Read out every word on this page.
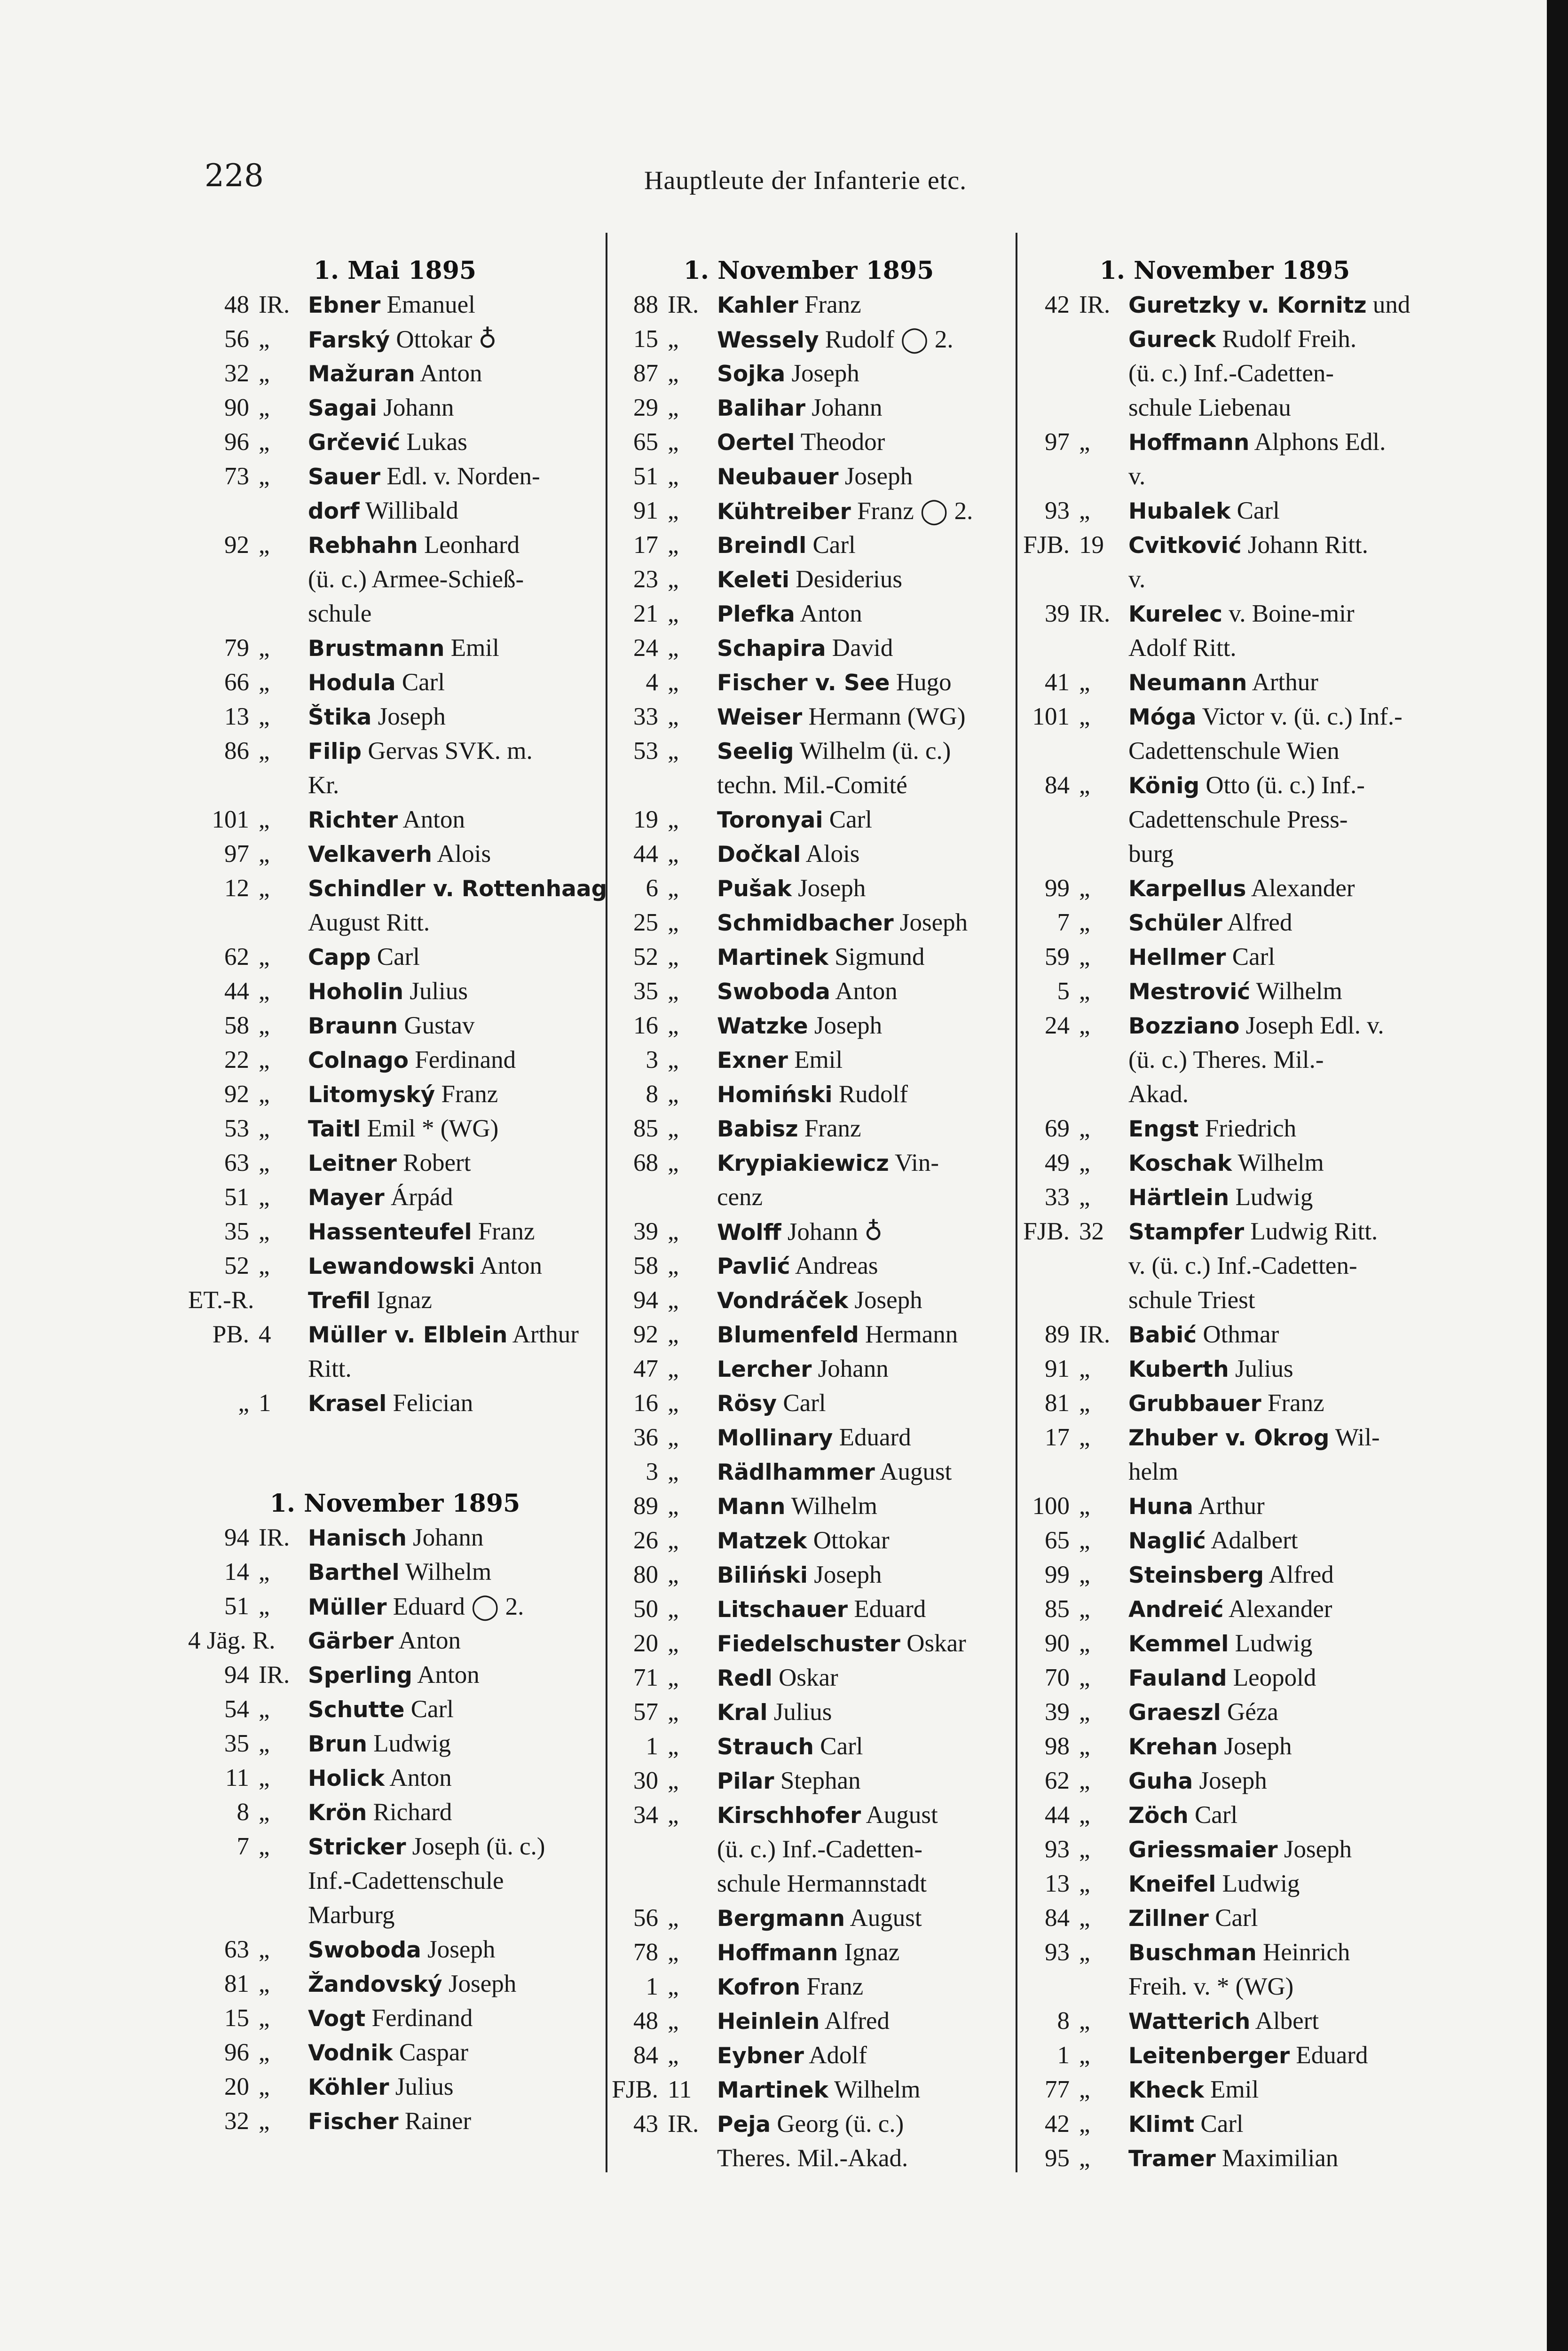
228	Hauptleute der Infanterie etc.
1. Mai 1895
48 IR. Ebner Emanuel
56 „ Farský Ottokar ♁
32 „ Mažuran Anton
90 „ Sagai Johann
96 „ Grčević Lukas
73 „ Sauer Edl. v. Norden-
dorf Willibald
92 „ Rebhahn Leonhard
(ü. c.) Armee-Schieß-
schule
79 „ Brustmann Emil
66 „ Hodula Carl
13 „ Štika Joseph
86 „ Filip Gervas SVK. m.
Kr.
101 „ Richter Anton
97 „ Velkaverh Alois
12 „ Schindler v. Rottenhaag
August Ritt.
62 „ Capp Carl
44 „ Hoholin Julius
58 „ Braunn Gustav
22 „ Colnago Ferdinand
92 „ Litomyský Franz
53 „ Taitl Emil * (WG)
63 „ Leitner Robert
51 „ Mayer Árpád
35 „ Hassenteufel Franz
52 „ Lewandowski Anton
ET.-R. Trefil Ignaz
PB. 4 Müller v. Elblein Arthur
Ritt.
„ 1 Krasel Felician
1. November 1895
94 IR. Hanisch Johann
14 „ Barthel Wilhelm
51 „ Müller Eduard ◯ 2.
4 Jäg. R. Gärber Anton
94 IR. Sperling Anton
54 „ Schutte Carl
35 „ Brun Ludwig
11 „ Holick Anton
8 „ Krön Richard
7 „ Stricker Joseph (ü. c.)
Inf.-Cadettenschule
Marburg
63 „ Swoboda Joseph
81 „ Žandovský Joseph
15 „ Vogt Ferdinand
96 „ Vodnik Caspar
20 „ Köhler Julius
32 „ Fischer Rainer
1. November 1895
88 IR. Kahler Franz
15 „ Wessely Rudolf ◯ 2.
87 „ Sojka Joseph
29 „ Balihar Johann
65 „ Oertel Theodor
51 „ Neubauer Joseph
91 „ Kühtreiber Franz ◯ 2.
17 „ Breindl Carl
23 „ Keleti Desiderius
21 „ Plefka Anton
24 „ Schapira David
4 „ Fischer v. See Hugo
33 „ Weiser Hermann (WG)
53 „ Seelig Wilhelm (ü. c.)
techn. Mil.-Comité
19 „ Toronyai Carl
44 „ Dočkal Alois
6 „ Pušak Joseph
25 „ Schmidbacher Joseph
52 „ Martinek Sigmund
35 „ Swoboda Anton
16 „ Watzke Joseph
3 „ Exner Emil
8 „ Homiński Rudolf
85 „ Babisz Franz
68 „ Krypiakiewicz Vin-
cenz
39 „ Wolff Johann ♁
58 „ Pavlić Andreas
94 „ Vondráček Joseph
92 „ Blumenfeld Hermann
47 „ Lercher Johann
16 „ Rösy Carl
36 „ Mollinary Eduard
3 „ Rädlhammer August
89 „ Mann Wilhelm
26 „ Matzek Ottokar
80 „ Biliński Joseph
50 „ Litschauer Eduard
20 „ Fiedelschuster Oskar
71 „ Redl Oskar
57 „ Kral Julius
1 „ Strauch Carl
30 „ Pilar Stephan
34 „ Kirschhofer August
(ü. c.) Inf.-Cadetten-
schule Hermannstadt
56 „ Bergmann August
78 „ Hoffmann Ignaz
1 „ Kofron Franz
48 „ Heinlein Alfred
84 „ Eybner Adolf
FJB. 11 Martinek Wilhelm
43 IR. Peja Georg (ü. c.)
Theres. Mil.-Akad.
1. November 1895
42 IR. Guretzky v. Kornitz und
Gureck Rudolf Freih.
(ü. c.) Inf.-Cadetten-
schule Liebenau
97 „ Hoffmann Alphons Edl.
v.
93 „ Hubalek Carl
FJB. 19 Cvitković Johann Ritt.
v.
39 IR. Kurelec v. Boine-mir
Adolf Ritt.
41 „ Neumann Arthur
101 „ Móga Victor v. (ü. c.) Inf.-
Cadettenschule Wien
84 „ König Otto (ü. c.) Inf.-
Cadettenschule Press-
burg
99 „ Karpellus Alexander
7 „ Schüler Alfred
59 „ Hellmer Carl
5 „ Mestrović Wilhelm
24 „ Bozziano Joseph Edl. v.
(ü. c.) Theres. Mil.-
Akad.
69 „ Engst Friedrich
49 „ Koschak Wilhelm
33 „ Härtlein Ludwig
FJB. 32 Stampfer Ludwig Ritt.
v. (ü. c.) Inf.-Cadetten-
schule Triest
89 IR. Babić Othmar
91 „ Kuberth Julius
81 „ Grubbauer Franz
17 „ Zhuber v. Okrog Wil-
helm
100 „ Huna Arthur
65 „ Naglić Adalbert
99 „ Steinsberg Alfred
85 „ Andreić Alexander
90 „ Kemmel Ludwig
70 „ Fauland Leopold
39 „ Graeszl Géza
98 „ Krehan Joseph
62 „ Guha Joseph
44 „ Zöch Carl
93 „ Griessmaier Joseph
13 „ Kneifel Ludwig
84 „ Zillner Carl
93 „ Buschman Heinrich
Freih. v. * (WG)
8 „ Watterich Albert
1 „ Leitenberger Eduard
77 „ Kheck Emil
42 „ Klimt Carl
95 „ Tramer Maximilian
